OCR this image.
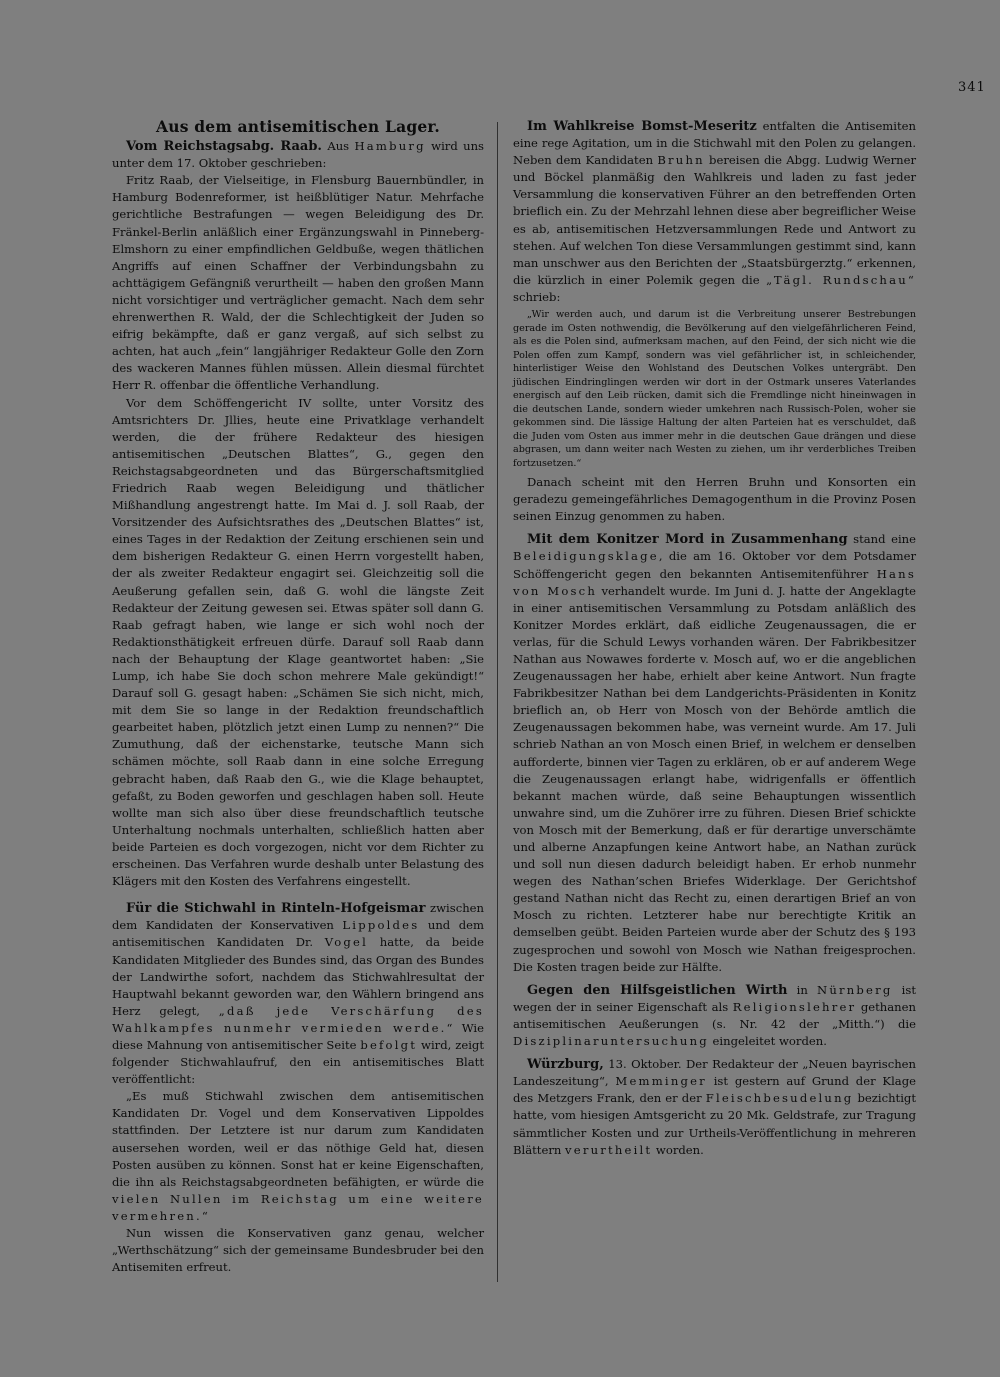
341
Aus dem antisemitischen Lager.

Vom Reichstagsabg. Raab. Aus Hamburg wird uns unter dem 17. Oktober geschrieben:

Fritz Raab, der Vielseitige, in Flensburg Bauernbündler, in Hamburg Bodenreformer, ist heißblütiger Natur. Mehrfache gerichtliche Bestrafungen — wegen Beleidigung des Dr. Fränkel-Berlin anläßlich einer Ergänzungswahl in Pinneberg-Elmshorn zu einer empfindlichen Geldbuße, wegen thätlichen Angriffs auf einen Schaffner der Verbindungsbahn zu achttägigem Gefängniß verurtheilt — haben den großen Mann nicht vorsichtiger und verträglicher gemacht. Nach dem sehr ehrenwerthen R. Wald, der die Schlechtigkeit der Juden so eifrig bekämpfte, daß er ganz vergaß, auf sich selbst zu achten, hat auch „fein“ langjähriger Redakteur Golle den Zorn des wackeren Mannes fühlen müssen. Allein diesmal fürchtet Herr R. offenbar die öffentliche Verhandlung.

Vor dem Schöffengericht IV sollte, unter Vorsitz des Amtsrichters Dr. Jllies, heute eine Privatklage verhandelt werden, die der frühere Redakteur des hiesigen antisemitischen „Deutschen Blattes“, G., gegen den Reichstagsabgeordneten und das Bürgerschaftsmitglied Friedrich Raab wegen Beleidigung und thätlicher Mißhandlung angestrengt hatte. Im Mai d. J. soll Raab, der Vorsitzender des Aufsichtsrathes des „Deutschen Blattes“ ist, eines Tages in der Redaktion der Zeitung erschienen sein und dem bisherigen Redakteur G. einen Herrn vorgestellt haben, der als zweiter Redakteur engagirt sei. Gleichzeitig soll die Aeußerung gefallen sein, daß G. wohl die längste Zeit Redakteur der Zeitung gewesen sei. Etwas später soll dann G. Raab gefragt haben, wie lange er sich wohl noch der Redaktionsthätigkeit erfreuen dürfe. Darauf soll Raab dann nach der Behauptung der Klage geantwortet haben: „Sie Lump, ich habe Sie doch schon mehrere Male gekündigt!“ Darauf soll G. gesagt haben: „Schämen Sie sich nicht, mich, mit dem Sie so lange in der Redaktion freundschaftlich gearbeitet haben, plötzlich jetzt einen Lump zu nennen?“ Die Zumuthung, daß der eichenstarke, teutsche Mann sich schämen möchte, soll Raab dann in eine solche Erregung gebracht haben, daß Raab den G., wie die Klage behauptet, gefaßt, zu Boden geworfen und geschlagen haben soll. Heute wollte man sich also über diese freundschaftlich teutsche Unterhaltung nochmals unterhalten, schließlich hatten aber beide Parteien es doch vorgezogen, nicht vor dem Richter zu erscheinen. Das Verfahren wurde deshalb unter Belastung des Klägers mit den Kosten des Verfahrens eingestellt.

Für die Stichwahl in Rinteln-Hofgeismar zwischen dem Kandidaten der Konservativen Lippoldes und dem antisemitischen Kandidaten Dr. Vogel hatte, da beide Kandidaten Mitglieder des Bundes sind, das Organ des Bundes der Landwirthe sofort, nachdem das Stichwahlresultat der Hauptwahl bekannt geworden war, den Wählern bringend ans Herz gelegt, „daß jede Verschärfung des Wahlkampfes nunmehr vermieden werde.“ Wie diese Mahnung von antisemitischer Seite befolgt wird, zeigt folgender Stichwahlaufruf, den ein antisemitisches Blatt veröffentlicht:

„Es muß Stichwahl zwischen dem antisemitischen Kandidaten Dr. Vogel und dem Konservativen Lippoldes stattfinden. Der Letztere ist nur darum zum Kandidaten ausersehen worden, weil er das nöthige Geld hat, diesen Posten ausüben zu können. Sonst hat er keine Eigenschaften, die ihn als Reichstagsabgeordneten befähigten, er würde die vielen Nullen im Reichstag um eine weitere vermehren.“

Nun wissen die Konservativen ganz genau, welcher „Werthschätzung“ sich der gemeinsame Bundesbruder bei den Antisemiten erfreut.

Im Wahlkreise Bomst-Meseritz entfalten die Antisemiten eine rege Agitation, um in die Stichwahl mit den Polen zu gelangen. Neben dem Kandidaten Bruhn bereisen die Abgg. Ludwig Werner und Böckel planmäßig den Wahlkreis und laden zu fast jeder Versammlung die konservativen Führer an den betreffenden Orten brieflich ein. Zu der Mehrzahl lehnen diese aber begreiflicher Weise es ab, antisemitischen Hetzversammlungen Rede und Antwort zu stehen. Auf welchen Ton diese Versammlungen gestimmt sind, kann man unschwer aus den Berichten der „Staatsbürgerztg.“ erkennen, die kürzlich in einer Polemik gegen die „Tägl. Rundschau“ schrieb:

„Wir werden auch, und darum ist die Verbreitung unserer Bestrebungen gerade im Osten nothwendig, die Bevölkerung auf den vielgefährlicheren Feind, als es die Polen sind, aufmerksam machen, auf den Feind, der sich nicht wie die Polen offen zum Kampf, sondern was viel gefährlicher ist, in schleichender, hinterlistiger Weise den Wohlstand des Deutschen Volkes untergräbt. Den jüdischen Eindringlingen werden wir dort in der Ostmark unseres Vaterlandes energisch auf den Leib rücken, damit sich die Fremdlinge nicht hineinwagen in die deutschen Lande, sondern wieder umkehren nach Russisch-Polen, woher sie gekommen sind. Die lässige Haltung der alten Parteien hat es verschuldet, daß die Juden vom Osten aus immer mehr in die deutschen Gaue drängen und diese abgrasen, um dann weiter nach Westen zu ziehen, um ihr verderbliches Treiben fortzusetzen.“

Danach scheint mit den Herren Bruhn und Konsorten ein geradezu gemeingefährliches Demagogenthum in die Provinz Posen seinen Einzug genommen zu haben.

Mit dem Konitzer Mord in Zusammenhang stand eine Beleidigungsklage, die am 16. Oktober vor dem Potsdamer Schöffengericht gegen den bekannten Antisemitenführer Hans von Mosch verhandelt wurde. Im Juni d. J. hatte der Angeklagte in einer antisemitischen Versammlung zu Potsdam anläßlich des Konitzer Mordes erklärt, daß eidliche Zeugenaussagen, die er verlas, für die Schuld Lewys vorhanden wären. Der Fabrikbesitzer Nathan aus Nowawes forderte v. Mosch auf, wo er die angeblichen Zeugenaussagen her habe, erhielt aber keine Antwort. Nun fragte Fabrikbesitzer Nathan bei dem Landgerichts-Präsidenten in Konitz brieflich an, ob Herr von Mosch von der Behörde amtlich die Zeugenaussagen bekommen habe, was verneint wurde. Am 17. Juli schrieb Nathan an von Mosch einen Brief, in welchem er denselben aufforderte, binnen vier Tagen zu erklären, ob er auf anderem Wege die Zeugenaussagen erlangt habe, widrigenfalls er öffentlich bekannt machen würde, daß seine Behauptungen wissentlich unwahre sind, um die Zuhörer irre zu führen. Diesen Brief schickte von Mosch mit der Bemerkung, daß er für derartige unverschämte und alberne Anzapfungen keine Antwort habe, an Nathan zurück und soll nun diesen dadurch beleidigt haben. Er erhob nunmehr wegen des Nathan’schen Briefes Widerklage. Der Gerichtshof gestand Nathan nicht das Recht zu, einen derartigen Brief an von Mosch zu richten. Letzterer habe nur berechtigte Kritik an demselben geübt. Beiden Parteien wurde aber der Schutz des § 193 zugesprochen und sowohl von Mosch wie Nathan freigesprochen. Die Kosten tragen beide zur Hälfte.

Gegen den Hilfsgeistlichen Wirth in Nürnberg ist wegen der in seiner Eigenschaft als Religionslehrer gethanen antisemitischen Aeußerungen (s. Nr. 42 der „Mitth.“) die Disziplinaruntersuchung eingeleitet worden.

Würzburg, 13. Oktober. Der Redakteur der „Neuen bayrischen Landeszeitung“, Memminger ist gestern auf Grund der Klage des Metzgers Frank, den er der Fleischbesudelung bezichtigt hatte, vom hiesigen Amtsgericht zu 20 Mk. Geldstrafe, zur Tragung sämmtlicher Kosten und zur Urtheils-Veröffentlichung in mehreren Blättern verurtheilt worden.
